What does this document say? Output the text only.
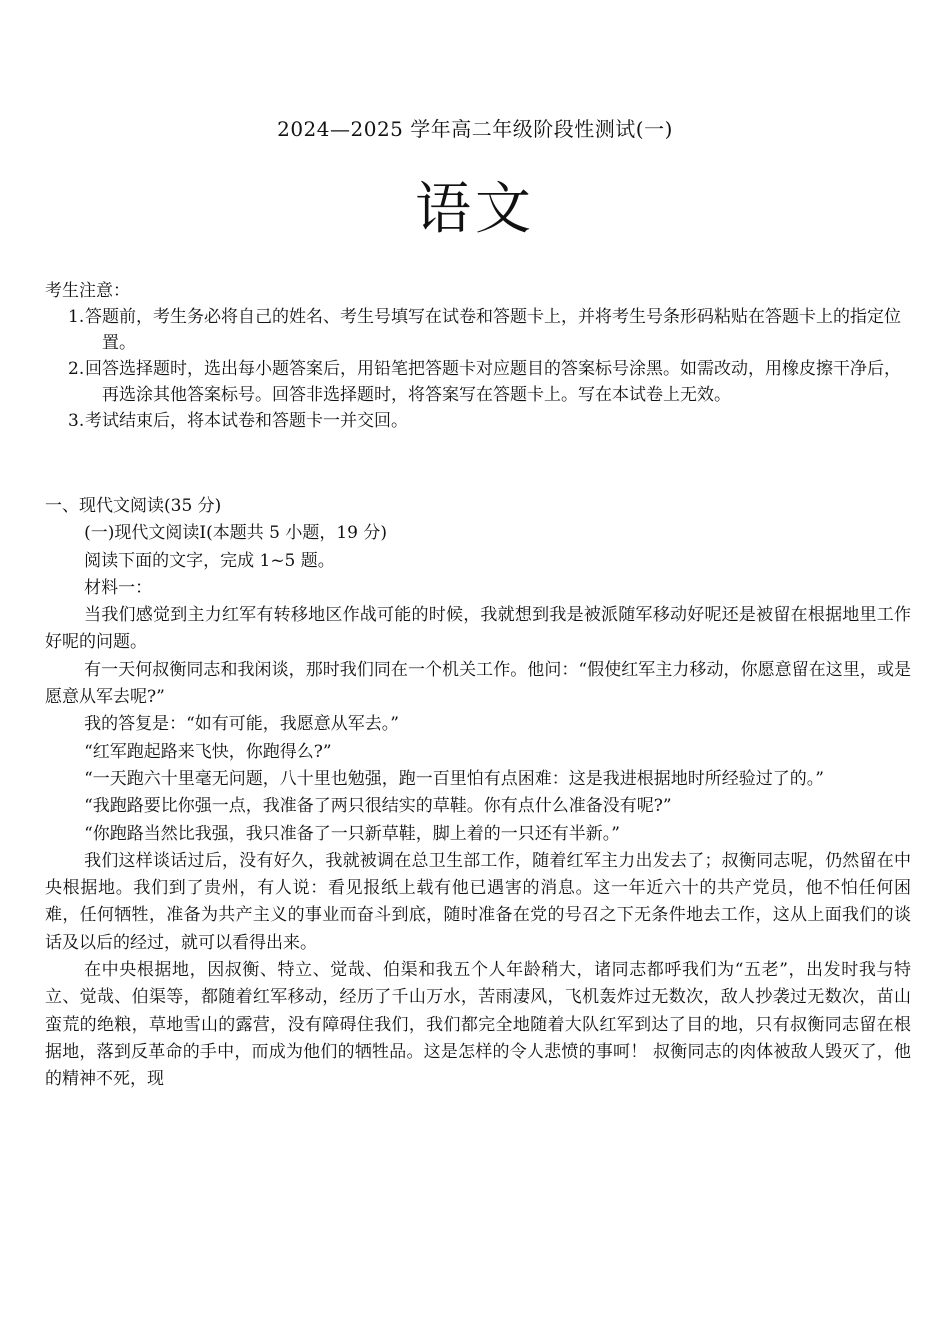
2024—2025 学年高二年级阶段性测试(一)
语文

考生注意：

1.答题前，考生务必将自己的姓名、考生号填写在试卷和答题卡上，并将考生号条形码粘贴在答题卡上的指定位置。

2.回答选择题时，选出每小题答案后，用铅笔把答题卡对应题目的答案标号涂黑。如需改动，用橡皮擦干净后，再选涂其他答案标号。回答非选择题时，将答案写在答题卡上。写在本试卷上无效。

3.考试结束后，将本试卷和答题卡一并交回。

一、现代文阅读(35 分)

(一)现代文阅读Ⅰ(本题共 5 小题，19 分)

阅读下面的文字，完成 1~5 题。

材料一：

当我们感觉到主力红军有转移地区作战可能的时候，我就想到我是被派随军移动好呢还是被留在根据地里工作好呢的问题。

有一天何叔衡同志和我闲谈，那时我们同在一个机关工作。他问：“假使红军主力移动，你愿意留在这里，或是愿意从军去呢?”

我的答复是：“如有可能，我愿意从军去。”

“红军跑起路来飞快，你跑得么?”

“一天跑六十里毫无问题，八十里也勉强，跑一百里怕有点困难：这是我进根据地时所经验过了的。”

“我跑路要比你强一点，我准备了两只很结实的草鞋。你有点什么准备没有呢?”

“你跑路当然比我强，我只准备了一只新草鞋，脚上着的一只还有半新。”

我们这样谈话过后，没有好久，我就被调在总卫生部工作，随着红军主力出发去了；叔衡同志呢，仍然留在中央根据地。我们到了贵州，有人说：看见报纸上载有他已遇害的消息。这一年近六十的共产党员，他不怕任何困难，任何牺牲，准备为共产主义的事业而奋斗到底，随时准备在党的号召之下无条件地去工作，这从上面我们的谈话及以后的经过，就可以看得出来。

在中央根据地，因叔衡、特立、觉哉、伯渠和我五个人年龄稍大，诸同志都呼我们为“五老”，出发时我与特立、觉哉、伯渠等，都随着红军移动，经历了千山万水，苦雨凄风，飞机轰炸过无数次，敌人抄袭过无数次，苗山蛮荒的绝粮，草地雪山的露营，没有障碍住我们，我们都完全地随着大队红军到达了目的地，只有叔衡同志留在根据地，落到反革命的手中，而成为他们的牺牲品。这是怎样的令人悲愤的事呵！ 叔衡同志的肉体被敌人毁灭了，他的精神不死，现
